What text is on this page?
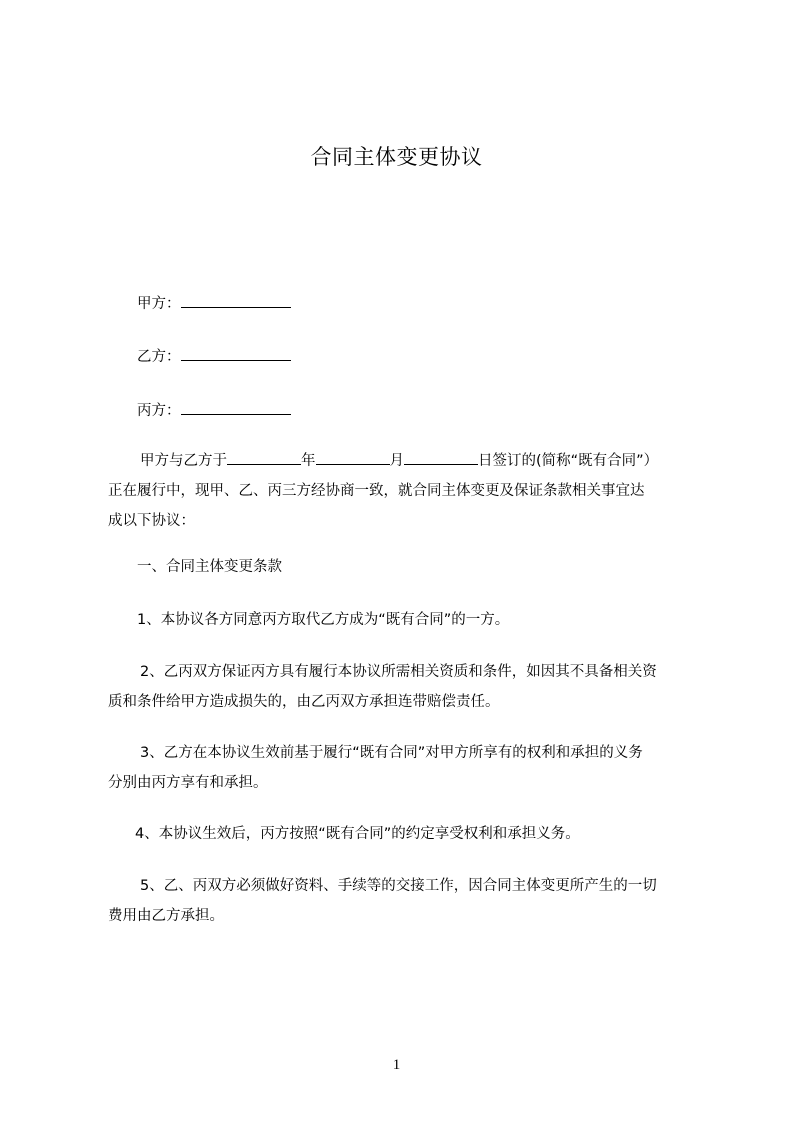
合同主体变更协议
甲方：
乙方：
丙方：
甲方与乙方于	年	月	日签订的(简称“既有合同”）
正在履行中，现甲、乙、丙三方经协商一致，就合同主体变更及保证条款相关事宜达
成以下协议：
一、合同主体变更条款
1、本协议各方同意丙方取代乙方成为“既有合同”的一方。
2、乙丙双方保证丙方具有履行本协议所需相关资质和条件，如因其不具备相关资
质和条件给甲方造成损失的，由乙丙双方承担连带赔偿责任。
3、乙方在本协议生效前基于履行“既有合同”对甲方所享有的权利和承担的义务
分别由丙方享有和承担。
4、本协议生效后，丙方按照“既有合同”的约定享受权利和承担义务。
5、乙、丙双方必须做好资料、手续等的交接工作，因合同主体变更所产生的一切
费用由乙方承担。
1
